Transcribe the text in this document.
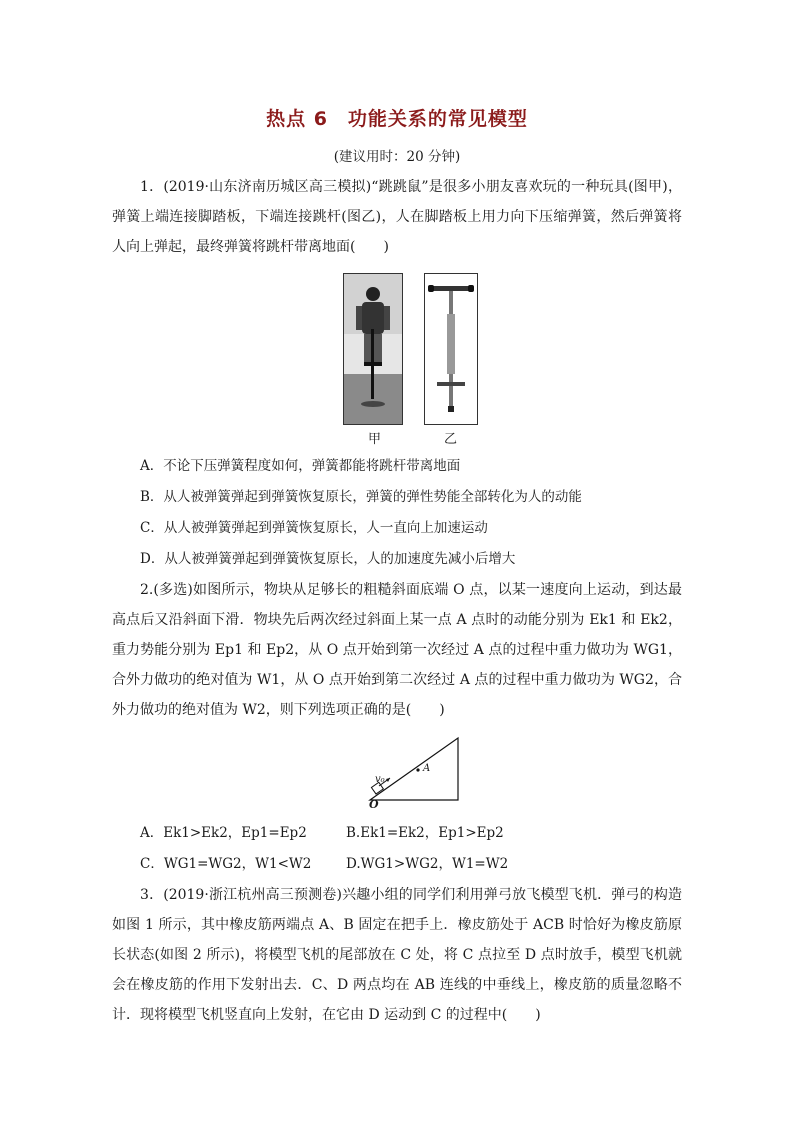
热点 6　功能关系的常见模型
(建议用时：20 分钟)
1．(2019·山东济南历城区高三模拟)“跳跳鼠”是很多小朋友喜欢玩的一种玩具(图甲)，弹簧上端连接脚踏板，下端连接跳杆(图乙)，人在脚踏板上用力向下压缩弹簧，然后弹簧将人向上弹起，最终弹簧将跳杆带离地面(　　)
甲	乙
A．不论下压弹簧程度如何，弹簧都能将跳杆带离地面
B．从人被弹簧弹起到弹簧恢复原长，弹簧的弹性势能全部转化为人的动能
C．从人被弹簧弹起到弹簧恢复原长，人一直向上加速运动
D．从人被弹簧弹起到弹簧恢复原长，人的加速度先减小后增大
2.(多选)如图所示，物块从足够长的粗糙斜面底端 O 点，以某一速度向上运动，到达最高点后又沿斜面下滑．物块先后两次经过斜面上某一点 A 点时的动能分别为 Ek1 和 Ek2，重力势能分别为 Ep1 和 Ep2，从 O 点开始到第一次经过 A 点的过程中重力做功为 WG1，合外力做功的绝对值为 W1，从 O 点开始到第二次经过 A 点的过程中重力做功为 WG2，合外力做功的绝对值为 W2，则下列选项正确的是(　　)
v₀
A
O
A．Ek1>Ek2，Ep1=Ep2	B.Ek1=Ek2，Ep1>Ep2
C．WG1=WG2，W1<W2	D.WG1>WG2，W1=W2
3．(2019·浙江杭州高三预测卷)兴趣小组的同学们利用弹弓放飞模型飞机．弹弓的构造如图 1 所示，其中橡皮筋两端点 A、B 固定在把手上．橡皮筋处于 ACB 时恰好为橡皮筋原长状态(如图 2 所示)，将模型飞机的尾部放在 C 处，将 C 点拉至 D 点时放手，模型飞机就会在橡皮筋的作用下发射出去．C、D 两点均在 AB 连线的中垂线上，橡皮筋的质量忽略不计．现将模型飞机竖直向上发射，在它由 D 运动到 C 的过程中(　　)
